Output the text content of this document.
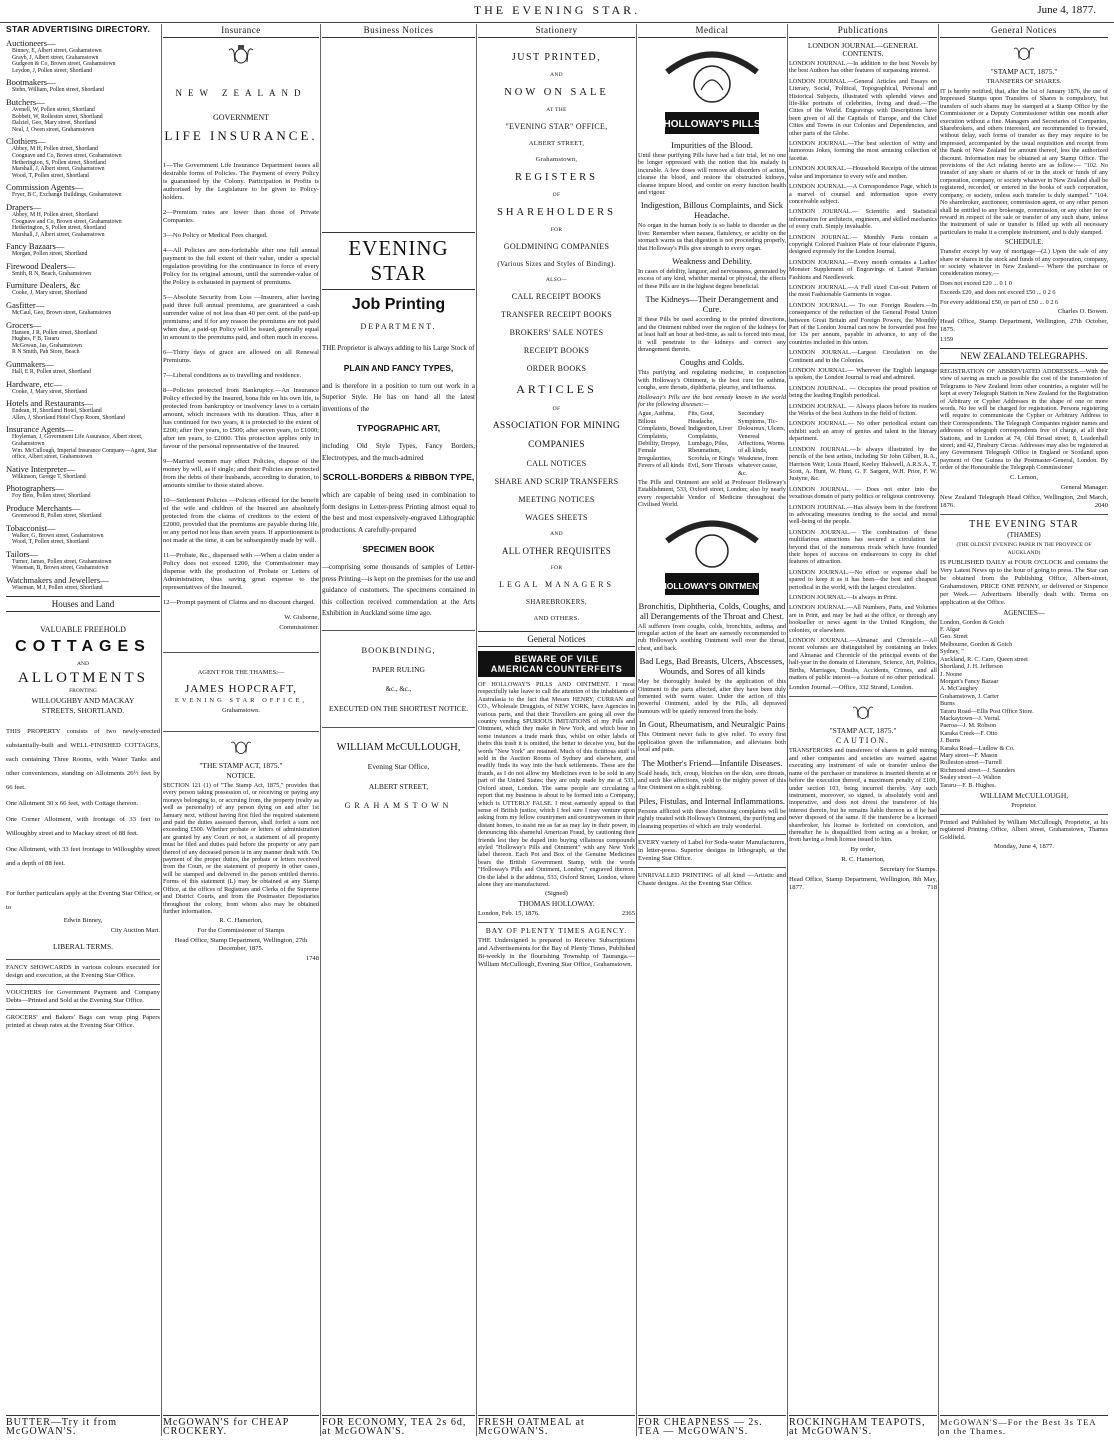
THE EVENING STAR.	June 4, 1877.
STAR ADVERTISING DIRECTORY.
Auctioneers—
Binney, E, Albert street, Grahamstown
Grayb, J, Albert street, Grahamstown
Gudgeon & Co, Brown street, Grahamstown
Leydon, J, Pollen street, Shortland
Bootmakers—
Stehn, William, Pollen street, Shortland
Butchers—
Avenell, W, Pollen street, Shortland
Bobbett, W, Rolleston street, Shortland
Dalziel, Geo, Mary street, Shortland
Neal, J, Owen street, Grahamstown
Clothiers—
Abbey, M H, Pollen street, Shortland
Coognave and Co, Brown street, Grahamstown
Hetherington, S, Pollen street, Shortland
Marshall, J, Albert street, Grahamstown
Wood, T, Pollen street, Shortland
Commission Agents—
Fryer, B C, Exchange Buildings, Grahamstown
Drapers—
Abbey, M H, Pollen street, Shortland
Coognave and Co, Brown street, Grahamstown
Hetherington, S, Pollen street, Shortland
Marshall, J, Albert street, Grahamstown
Fancy Bazaars—
Morgan, Pollen street, Shortland
Firewood Dealers—
Smith, R N, Beach, Grahamstown
Furniture Dealers, &c
Cooke, J, Mary street, Shortland
Gasfitter—
McCaul, Geo, Brown street, Grahamstown
Grocers—
Hansen, J R, Pollen street, Shortland
Hughes, F B, Tararu
McGowan, Jas, Grahamstown
R N Smith, Pah Store, Beach
Gunmakers—
Hall, E R, Pollen street, Shortland
Hardware, etc—
Cooke, J, Mary street, Shortland
Hotels and Restaurants—
Endean, H, Shortland Hotel, Shortland
Allen, J, Shortland Hotel Chop Room, Shortland
Insurance Agents—
Hoyleman, J, Government Life Assurance, Albert street, Grahamstown
Wm. McCullough, Imperial Insurance Company—Agent, Star office, Albert street, Grahamstown
Native Interpreter—
Wilkinson, George T, Shortland
Photographers—
Foy Bros, Pollen street, Shortland
Produce Merchants—
Greenwood B, Pollen street, Shortland
Tobacconist—
Walker, G, Brown street, Grahamstown
Wood, T, Pollen street, Shortland
Tailors—
Turner, James, Pollen street, Grahamstown
Wiseman, B, Brown street, Grahamstown
Watchmakers and Jewellers—
Wiseman, M J, Pollen street, Shortland
Houses and Land
VALUABLE FREEHOLD
COTTAGES
AND
ALLOTMENTS
FRONTING
WILLOUGHBY AND MACKAY
STREETS, SHORTLAND.
THIS PROPERTY consists of two newly-erected substantially-built and WELL-FINISHED COTTAGES, each containing Three Rooms, with Water Tanks and other conveniences, standing on Allotments 26½ feet by 66 feet.
One Allotment 30 x 66 feet, with Cottage thereon.
One Corner Allotment, with frontage of 33 feet to Willoughby street and to Mackay street of 88 feet.
One Allotment, with 33 feet frontage to Willoughby street and a depth of 88 feet.
For further particulars apply at the Evening Star Office; or to
Edwin Binney,
City Auction Mart.
LIBERAL TERMS.
FANCY SHOWCARDS in various colours executed for design and execution, at the Evening Star Office.
VOUCHERS for Government Payment and Company Debts—Printed and Sold at the Evening Star Office.
GROCERS' and Bakers' Bags can wrap ping Papers printed at cheap rates at the Evening Star Office.
BUTTER—Try it from McGOWAN'S.
Insurance
NEW ZEALAND
GOVERNMENT
LIFE INSURANCE.
1—The Government Life Insurance Department issues all desirable forms of Policies. The Payment of every Policy is guaranteed by the Colony. Participation in Profits is authorised by the Legislature to be given to Policy-holders.
2—Premium rates are lower than those of Private Companies.
3—No Policy or Medical Fees charged.
4—All Policies are non-forfeitable after one full annual payment to the full extent of their value, under a special regulation providing for the continuance in force of every Policy for its original amount, until the surrender-value of the Policy is exhausted in payment of premiums.
5—Absolute Security from Loss —Insurers, after having paid three full annual premiums, are guaranteed a cash surrender value of not less than 40 per cent. of the paid-up premiums; and if for any reason the premiums are not paid when due, a paid-up Policy will be issued, generally equal in amount to the premiums paid, and often much in excess.
6—Thirty days of grace are allowed on all Renewal Premiums.
7—Liberal conditions as to travelling and residence.
8—Policies protected from Bankruptcy.—An Insurance Policy effected by the Insured, bona fide on his own life, is protected from bankruptcy or insolvency laws to a certain amount, which increases with its duration. Thus, after it has continued for two years, it is protected to the extent of £200; after five years, to £500; after seven years, to £1000; after ten years, to £2000. This protection applies only in favour of the personal representative of the Insured.
9—Married women may effect Policies, dispose of the money by will, as if single; and their Policies are protected from the debts of their husbands, according to duration, to amounts similar to those stated above.
10—Settlement Policies —Policies effected for the benefit of the wife and children of the Insured are absolutely protected from the claims of creditors to the extent of £2000, provided that the premiums are payable during life, or any period not less than seven years. If apportionment is not made at the time, it can be subsequently made by will.
11—Probate, &c., dispensed with —When a claim under a Policy does not exceed £200, the Commissioner may dispense with the production of Probate or Letters of Administration, thus saving great expense to the representatives of the Insured.
12—Prompt payment of Claims and no discount charged.
W. Gisborne,
Commissioner.
AGENT FOR THE THAMES:—
JAMES HOPCRAFT,
EVENING STAR OFFICE,
Grahamstown.
"THE STAMP ACT, 1875."
NOTICE.
SECTION 121 (1) of "The Stamp Act, 1875," provides that every person taking possession of, or receiving or paying any moneys belonging to, or accruing from, the property (realty as well as personalty) of any person dying on and after 1st January next, without having first filed the required statement and paid the duties assessed thereon, shall forfeit a sum not exceeding £500. Whether probate or letters of administration are granted by any Court or not, a statement of all property must be filed and duties paid before the property or any part thereof of any deceased person is in any manner dealt with. On payment of the proper duties, the probate or letters received from the Court, or the statement of property in other cases, will be stamped and delivered to the person entitled thereto. Forms of this statement (L) may be obtained at any Stamp Office, at the offices of Registrars and Clerks of the Supreme and District Courts, and from the Postmaster Depositaries throughout the colony, from whom also may be obtained further information.
R. C. Hamerton,
For the Commissioner of Stamps
Head Office, Stamp Department, Wellington, 27th December, 1875.
1748
McGOWAN'S for CHEAP CROCKERY.
Business Notices
EVENING STAR
Job Printing
DEPARTMENT.
THE Proprietor is always adding to his Large Stock of
PLAIN AND FANCY TYPES,
and is therefore in a position to turn out work in a Superior Style. He has on hand all the latest inventions of the
TYPOGRAPHIC ART,
including Old Style Types, Fancy Borders, Electrotypes, and the much-admired
SCROLL-BORDERS & RIBBON TYPE,
which are capable of being used in combination to form designs in Letter-press Printing almost equal to the best and most expensively-engraved Lithographic productions. A carefully-prepared
SPECIMEN BOOK
—comprising some thousands of samples of Letter-press Printing—is kept on the premises for the use and guidance of customers. The specimens contained in this collection received commendation at the Arts Exhibition in Auckland some time ago.
BOOKBINDING,
PAPER RULING
&c., &c.,
EXECUTED ON THE SHORTEST NOTICE.
WILLIAM McCULLOUGH,
Evening Star Office,
ALBERT STREET,
GRAHAMSTOWN
FOR ECONOMY, TEA 2s 6d, at McGOWAN'S.
Stationery
JUST PRINTED,
AND
NOW ON SALE
AT THE
"EVENING STAR" OFFICE,
ALBERT STREET,
Grahamstown,
REGISTERS
OF
SHAREHOLDERS
FOR
GOLDMINING COMPANIES
(Various Sizes and Styles of Binding).
ALSO—
CALL RECEIPT BOOKS
TRANSFER RECEIPT BOOKS
BROKERS' SALE NOTES
RECEIPT BOOKS
ORDER BOOKS
ARTICLES
OF
ASSOCIATION FOR MINING
COMPANIES
CALL NOTICES
SHARE AND SCRIP TRANSFERS
MEETING NOTICES
WAGES SHEETS
AND
ALL OTHER REQUISITES
FOR
LEGAL MANAGERS
SHAREBROKERS,
AND OTHERS.
General Notices
BEWARE OF VILE
AMERICAN COUNTERFEITS
OF HOLLOWAY'S PILLS AND OINTMENT. I most respectfully take leave to call the attention of the inhabitants of Australasia to the fact that Messrs HENRY, CURRAN and CO., Wholesale Druggists, of NEW YORK, have Agencies in various parts, and that their Travellers are going all over the country vending SPURIOUS IMITATIONS of my Pills and Ointment, which they make in New York, and which bear in some instances a trade mark thus, whilst on other labels of theirs this trash it is omitted, the better to deceive you, but the words "New York" are retained. Much of this fictitious stuff is sold in the Auction Rooms of Sydney and elsewhere, and readily finds its way into the back settlements. These are the frauds, as I do not allow my Medicines even to be sold in any part of the United States; they are only made by me at 533, Oxford street, London. The same people are circulating a report that my business is about to be formed into a Company, which is UTTERLY FALSE. I most earnestly appeal to that sense of British justice, which I feel sure I may venture upon asking from my fellow countrymen and countrywomen in their distant homes, to assist me as far as may lay in their power, in denouncing this shameful American Fraud, by cautioning their friends lest they be duped into buying villainous compounds styled "Holloway's Pills and Ointment" with any New York label thereon. Each Pot and Box of the Genuine Medicines bears the British Government Stamp, with the words "Holloway's Pills and Ointment, London," engraved thereon. On the label is the address, 533, Oxford Street, London, where alone they are manufactured.
(Signed)
THOMAS HOLLOWAY.
London, Feb. 15, 1876.	2365
BAY OF PLENTY TIMES AGENCY.
THE Undersigned is prepared to Receive Subscriptions and Advertisements for the Bay of Plenty Times, Published Bi-weekly in the flourishing Township of Tauranga.— William McCullough, Evening Star Office, Grahamstown.
FRESH OATMEAL at McGOWAN'S.
Medical
HOLLOWAY'S PILLS
Impurities of the Blood.
Until these purifying Pills have had a fair trial, let no one be longer oppressed with the notion that his malady is incurable. A few doses will remove all disorders of action, cleanse the blood, and restore the obstructed kidneys, cleanse impure blood, and confer on every function health and vigour.
Indigestion, Billous Complaints, and Sick Headache.
No organ in the human body is so liable to disorder as the liver. Remember when nausea, flatulency, or acidity on the stomach warns us that digestion is not proceeding properly, that Holloway's Pills give strength to every organ.
Weakness and Debility.
In cases of debility, languor, and nervousness, generated by excess of any kind, whether mental or physical, the effects of these Pills are in the highest degree beneficial.
The Kidneys—Their Derangement and Cure.
If these Pills be used according to the printed directions, and the Ointment rubbed over the region of the kidneys for at least half an hour at bed-time, as salt is forced into meat, it will penetrate to the kidneys and correct any derangement therein.
Coughs and Colds.
This purifying and regulating medicine, in conjunction with Holloway's Ointment, is the best cure for asthma, coughs, sore throats, diphtheria, pleurisy, and influenza.
Holloway's Pills are the best remedy known in the world for the following diseases:—
Ague, Asthma, Bilious Complaints, Bowel Complaints, Debility, Dropsy, Female Irregularities, Fevers of all kinds
Fits, Gout, Headache, Indigestion, Liver Complaints, Lumbago, Piles, Rheumatism, Scrofula, or King's Evil, Sore Throats
Secondary Symptoms, Tic-Doloureux, Ulcers, Venereal Affections, Worms of all kinds, Weakness, from whatever cause, &c.
The Pills and Ointment are sold at Professor Holloway's Establishment, 533, Oxford street, London; also by nearly every respectable Vendor of Medicine throughout the Civilised World.
HOLLOWAY'S OINTMENT
Bronchitis, Diphtheria, Colds, Coughs, and all Derangements of the Throat and Chest.
All sufferers from coughs, colds, bronchitis, asthma, and irregular action of the heart are earnestly recommended to rub Holloway's soothing Ointment well over the throat, chest, and back.
Bad Legs, Bad Breasts, Ulcers, Abscesses, Wounds, and Sores of all kinds
May be thoroughly healed by the application of this Ointment to the parts affected, after they have been duly fomented with warm water. Under the action of this powerful Ointment, aided by the Pills, all depraved humours will be quietly removed from the body.
In Gout, Rheumatism, and Neuralgic Pains
This Ointment never fails to give relief. To every first application given the inflammation, and alleviates both local and pain.
The Mother's Friend—Infantile Diseases.
Scald heads, itch, croup, blotches on the skin, sore throats, and such like affections, yield to the mighty power of this fine Ointment on a slight rubbing.
Piles, Fistulas, and Internal Inflammations.
Persons afflicted with these distressing complaints will be rightly treated with Holloway's Ointment, the purifying and cleansing properties of which are truly wonderful.
EVERY variety of Label for Soda-water Manufacturers, in letter-press. Superior designs in lithograph, at the Evening Star Office.
UNRIVALLED PRINTING of all kind —Artistic and Chaste designs. At the Evening Star Office.
FOR CHEAPNESS — 2s. TEA — McGOWAN'S.
Publications
LONDON JOURNAL—GENERAL CONTENTS.
LONDON JOURNAL.—In addition to the best Novels by the best Authors has other features of surpassing interest.
LONDON JOURNAL.—General Articles and Essays on Literary, Social, Political, Topographical, Personal and Historical Subjects, illustrated with splendid views and life-like portraits of celebrities, living and dead.—The Cities of the World. Engravings with Descriptions have been given of all the Capitals of Europe, and the Chief Cities and Towns in our Colonies and Dependencies, and other parts of the Globe.
LONDON JOURNAL.—The best selection of witty and humorous Jokes, forming the most amusing collection of facetiæ.
LONDON JOURNAL.—Household Receipts of the utmost value and importance to every wife and mother.
LONDON JOURNAL.—A Correspondence Page, which is a marvel of counsel and information upon every conceivable subject.
LONDON JOURNAL.— Scientific and Statistical information for architects, engineers, and skilled mechanics of every craft. Simply invaluable.
LONDON JOURNAL.— Monthly Parts contain a copyright Colored Fashion Plate of four elaborate Figures, designed expressly for the London Journal.
LONDON JOURNAL.—Every month contains a Ladies' Monster Supplement of Engravings of Latest Parisian Fashions and Needlework.
LONDON JOURNAL.—A Full sized Cut-out Pattern of the most Fashionable Garments in vogue.
LONDON JOURNAL.— To our Foreign Readers.—In consequence of the reduction of the General Postal Union between Great Britain and Foreign Powers, the Monthly Part of the London Journal can now be forwarded post free for 13s per annum, payable in advance, to any of the countries included in this union.
LONDON JOURNAL.—Largest Circulation on the Continent and in the Colonies.
LONDON JOURNAL.— Wherever the English language is spoken, the London Journal is read and admired.
LONDON JOURNAL. — Occupies the proud position of being the leading English periodical.
LONDON JOURNAL. — Always places before its readers the Works of the best Authors in the field of fiction.
LONDON JOURNAL.— No other periodical extant can exhibit such an array of genius and talent in the literary department.
LONDON JOURNAL.—Is always illustrated by the pencils of the best artists, including Sir John Gilbert, R.A., Harrison Weir, Louis Huard, Keeley Halswell, A.R.S.A., T. Scott, A. Hunt, W. Hunt, G. F. Sargent, W.H. Prior, F. W. Justyne, &c.
LONDON JOURNAL. — Does not enter into the vexatious domain of party politics or religious controversy.
LONDON JOURNAL.—Has always been in the forefront in advocating measures tending to the social and moral well-being of the people.
LONDON JOURNAL.— The combination of these multifarious attractions has secured a circulation far beyond that of the numerous rivals which have founded their hopes of success on endeavours to copy its chief features of attraction.
LONDON JOURNAL.—No effort or expense shall be spared to keep it as it has been—the best and cheapest periodical in the world, with the largest circulation.
LONDON JOURNAL.—Is always in Print.
LONDON JOURNAL.—All Numbers, Parts, and Volumes are in Print, and may be had at the office, or through any bookseller or news agent in the United Kingdom, the colonies, or elsewhere.
LONDON JOURNAL.—Almanac and Chronicle.—All recent volumes are distinguished by containing an Index and Almanac and Chronicle of the principal events of the half-year in the domain of Literature, Science, Art, Politics, Births, Marriages, Deaths, Accidents, Crimes, and all matters of public interest—a feature of no other periodical.
London Journal.—Office, 332 Strand, London.
"STAMP ACT, 1875."
CAUTION.
TRANSFERORS and transferees of shares in gold mining and other companies and societies are warned against executing any instrument of sale or transfer unless the name of the purchaser or transferee is inserted therein at or before the execution thereof, a maximum penalty of £100, under section 103, being incurred thereby. Any such instrument, moreover, so signed, is absolutely void and inoperative, and does not divest the transferor of his interest therein, but he remains liable thereon as if he had never disposed of the same. If the transferor be a licensed sharebroker, his license is forfeited on conviction, and thereafter he is disqualified from acting as a broker, or from having a fresh license issued to him.
By order,
R. C. Hamerton,
Secretary for Stamps.
Head Office, Stamp Department, Wellington, 8th May, 1877.	718
ROCKINGHAM TEAPOTS, at McGOWAN'S.
General Notices
"STAMP ACT, 1875."
TRANSFERS OF SHARES.
IT is hereby notified, that, after the 1st of January 1876, the use of Impressed Stamps upon Transfers of Shares is compulsory, but transfers of such shares may be stamped at a Stamp Office by the Commissioner or a Deputy Commissioner within one month after execution without a fine. Managers and Secretaries of Companies, Sharebrokers, and others interested, are recommended to forward, without delay, such forms of transfer as they may require to be impressed, accompanied by the usual requisition and receipt from the Bank of New Zealand for amount thereof, less the authorized discount. Information may be obtained at any Stamp Office. The provisions of the Act relating hereto are as follow:— "102. No transfer of any share or shares of or in the stock or funds of any corporation, company, or society whatever in New Zealand shall be registered, recorded, or entered in the books of such corporation, company, or society, unless such transfer is duly stamped." "104. No sharebroker, auctioneer, commission agent, or any other person shall be entitled to any brokerage, commission, or any other fee or reward in respect of the sale or transfer of any such share, unless the instrument of sale or transfer is filled up with all necessary particulars to make it a complete instrument, and is duly stamped.
SCHEDULE.
Transfer except by way of mortgage—(2.) Upon the sale of any share or shares in the stock and funds of any corporation, company, or society whatever in New Zealand— Where the purchase or consideration money,—
Does not exceed £20 ... 0 1 0
Exceeds £20, and does not exceed £50 ... 0 2 6
For every additional £50, or part of £50 ... 0 2 6
Charles O. Bowen.
Head Office, Stamp Department, Wellington, 27th October, 1875.
1359
NEW ZEALAND TELEGRAPHS.
REGISTRATION OF ABBREVIATED ADDRESSES.—With the view of saving as much as possible the cost of the transmission of Telegrams to New Zealand from other countries, a register will be kept at every Telegraph Station in New Zealand for the Registration of Arbitrary or Cypher Addresses in the shape of one or more words. No fee will be charged for registration. Persons registering will require to communicate the Cypher or Arbitrary Address to their Correspondents. The Telegraph Companies register names and addresses of telegraph correspondents free of charge, at all their Stations, and in London at 74, Old Broad street; 8, Leadenhall street; and 42, Finsbury Circus. Addresses may also be registered at any Government Telegraph Office in England or Scotland upon payment of One Guinea to the Postmaster-General, London. By order of the Honourable the Telegraph Commissioner
C. Lemon,
General Manager.
New Zealand Telegraph Head Office, Wellington, 2nd March, 1876.	2040
THE EVENING STAR
(THAMES)
(THE OLDEST EVENING PAPER IN THE PROVINCE OF AUCKLAND)
IS PUBLISHED DAILY at FOUR O'CLOCK and contains the Very Latest News up to the hour of going to press. The Star can be obtained from the Publishing Office, Albert-street, Grahamstown, PRICE ONE PENNY, or delivered or Sixpence per Week.— Advertisers liberally dealt with. Terms on application at the Office.
AGENCIES—
London, Gordon & Gotch
F. Algar
Geo. Street
Melbourne, Gordon & Gotch
Sydney, "
Auckland, R. C. Caro, Queen street
Shortland, J. H. Jefferson
J. Noone
Morgan's Fancy Bazaar
A. McCaughey
Grahamstown, J. Carter
Burns
Tararu Road—Ellis Post Office Store.
Mackaytown—J. Verral.
Paeroa—J. M. Robson
Karaka Creek—F. Otto
J. Burns
Karaka Road—Ludlow & Co.
Mary street—F. Mason
Rolleston street—Turrell
Richmond street—J. Saunders
Sealey street—J. Walton
Tararu—F. B. Hughes.
WILLIAM McCULLOUGH,
Proprietor.
Printed and Published by William McCullough, Proprietor, at his registered Printing Office, Albert street, Grahamstown, Thames Goldfield.
Monday, June 4, 1877.
McGOWAN'S—For the Best 3s TEA on the Thames.
